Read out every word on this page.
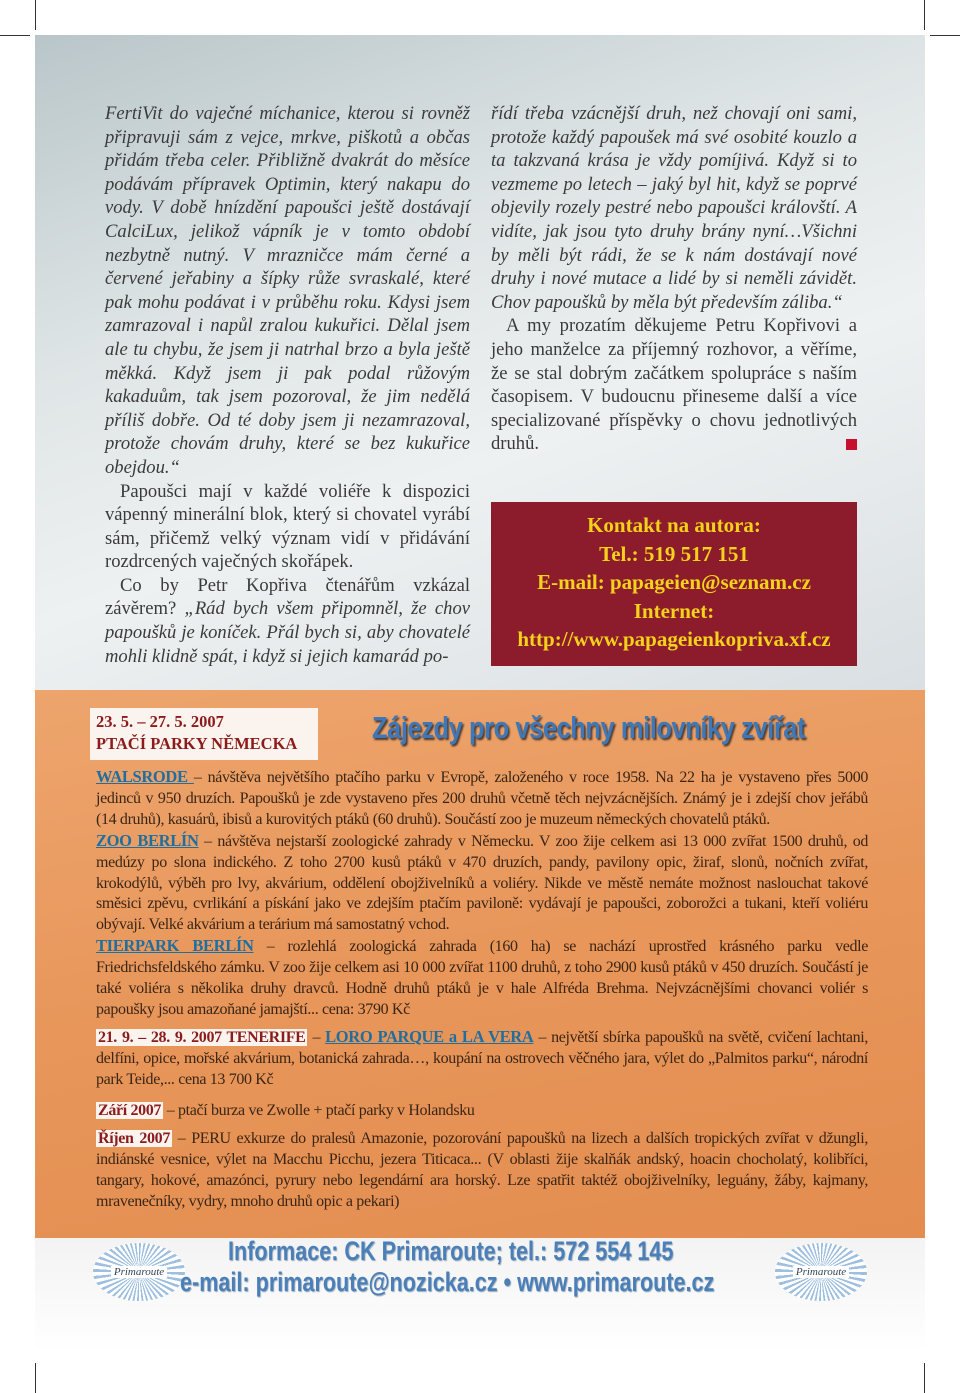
FertiVit do vaječné míchanice, kterou si rovněž připravuji sám z vejce, mrkve, piškotů a občas přidám třeba celer. Přibližně dvakrát do měsíce podávám přípravek Optimin, který nakapu do vody. V době hnízdění papoušci ještě dostávají CalciLux, jelikož vápník je v tomto období nezbytně nutný. V mrazničce mám černé a červené jeřabiny a šípky růže svraskalé, které pak mohu podávat i v průběhu roku. Kdysi jsem zamrazoval i napůl zralou kukuřici. Dělal jsem ale tu chybu, že jsem ji natrhal brzo a byla ještě měkká. Když jsem ji pak podal růžovým kakaduům, tak jsem pozoroval, že jim nedělá příliš dobře. Od té doby jsem ji nezamrazoval, protože chovám druhy, které se bez kukuřice obejdou.“

Papoušci mají v každé voliéře k dispozici vápenný minerální blok, který si chovatel vyrábí sám, přičemž velký význam vidí v přidávání rozdrcených vaječných skořápek.

Co by Petr Kopřiva čtenářům vzkázal závěrem? „Rád bych všem připomněl, že chov papoušků je koníček. Přál bych si, aby chovatelé mohli klidně spát, i když si jejich kamarád po-

řídí třeba vzácnější druh, než chovají oni sami, protože každý papoušek má své osobité kouzlo a ta takzvaná krása je vždy pomíjivá. Když si to vezmeme po letech – jaký byl hit, když se poprvé objevily rozely pestré nebo papoušci královští. A vidíte, jak jsou tyto druhy brány nyní…Všichni by měli být rádi, že se k nám dostávají nové druhy i nové mutace a lidé by si neměli závidět. Chov papoušků by měla být především záliba.“

A my prozatím děkujeme Petru Kopřivovi a jeho manželce za příjemný rozhovor, a věříme, že se stal dobrým začátkem spolupráce s naším časopisem. V budoucnu přineseme další a více specializované příspěvky o chovu jednotlivých druhů.

Kontakt na autora:
Tel.: 519 517 151
E-mail: papageien@seznam.cz
Internet:
http://www.papageienkopriva.xf.cz
23. 5. – 27. 5. 2007
PTAČÍ PARKY NĚMECKA	Zájezdy pro všechny milovníky zvířat
WALSRODE – návštěva největšího ptačího parku v Evropě, založeného v roce 1958. Na 22 ha je vystaveno přes 5000 jedinců v 950 druzích. Papoušků je zde vystaveno přes 200 druhů včetně těch nejvzácnějších. Známý je i zdejší chov jeřábů (14 druhů), kasuárů, ibisů a kurovitých ptáků (60 druhů). Součástí zoo je muzeum německých chovatelů ptáků.
ZOO BERLÍN – návštěva nejstarší zoologické zahrady v Německu. V zoo žije celkem asi 13 000 zvířat 1500 druhů, od medúzy po slona indického. Z toho 2700 kusů ptáků v 470 druzích, pandy, pavilony opic, žiraf, slonů, nočních zvířat, krokodýlů, výběh pro lvy, akvárium, oddělení obojživelníků a voliéry. Nikde ve městě nemáte možnost naslouchat takové směsici zpěvu, cvrlikání a pískání jako ve zdejším ptačím paviloně: vydávají je papoušci, zoborožci a tukani, kteří voliéru obývají. Velké akvárium a terárium má samostatný vchod.
TIERPARK BERLÍN – rozlehlá zoologická zahrada (160 ha) se nachází uprostřed krásného parku vedle Friedrichsfeldského zámku. V zoo žije celkem asi 10 000 zvířat 1100 druhů, z toho 2900 kusů ptáků v 450 druzích. Součástí je také voliéra s několika druhy dravců. Hodně druhů ptáků je v hale Alfréda Brehma. Nejvzácnějšími chovanci voliér s papoušky jsou amazoňané jamajští... cena: 3790 Kč
21. 9. – 28. 9. 2007 TENERIFE – LORO PARQUE a LA VERA – největší sbírka papoušků na světě, cvičení lachtani, delfíni, opice, mořské akvárium, botanická zahrada…, koupání na ostrovech věčného jara, výlet do „Palmitos parku“, národní park Teide,... cena 13 700 Kč
Září 2007 – ptačí burza ve Zwolle + ptačí parky v Holandsku
Říjen 2007 – PERU exkurze do pralesů Amazonie, pozorování papoušků na lizech a dalších tropických zvířat v džungli, indiánské vesnice, výlet na Macchu Picchu, jezera Titicaca... (V oblasti žije skalňák andský, hoacin chocholatý, kolibříci, tangary, hokové, amazónci, pyrury nebo legendární ara horský. Lze spatřit taktéž obojživelníky, leguány, žáby, kajmany, mravenečníky, vydry, mnoho druhů opic a pekari)
Primaroute	Primaroute
Informace: CK Primaroute; tel.: 572 554 145
e-mail: primaroute@nozicka.cz • www.primaroute.cz
